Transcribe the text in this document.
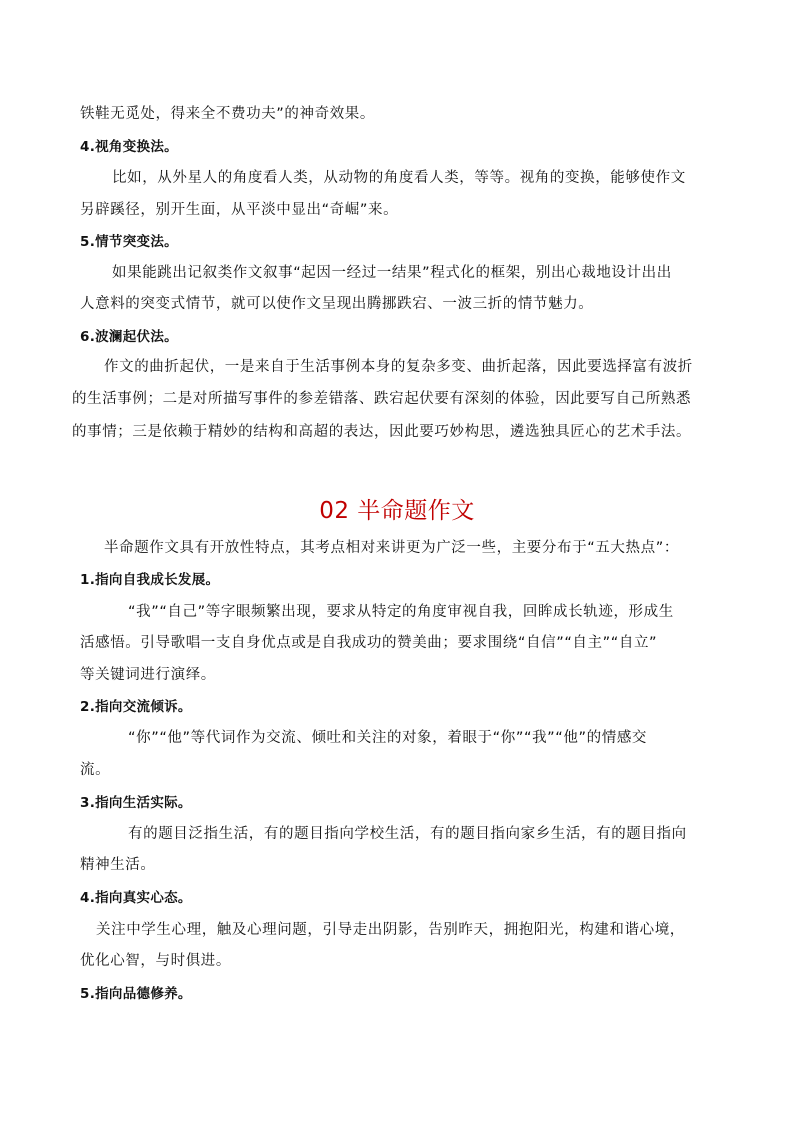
02 半命题作文
铁鞋无觅处，得来全不费功夫”的神奇效果。
4.视角变换法。
比如，从外星人的角度看人类，从动物的角度看人类，等等。视角的变换，能够使作文
另辟蹊径，别开生面，从平淡中显出“奇崛”来。
5.情节突变法。
如果能跳出记叙类作文叙事“起因一经过一结果”程式化的框架，别出心裁地设计出出
人意料的突变式情节，就可以使作文呈现出腾挪跌宕、一波三折的情节魅力。
6.波澜起伏法。
作文的曲折起伏，一是来自于生活事例本身的复杂多变、曲折起落，因此要选择富有波折
的生活事例；二是对所描写事件的参差错落、跌宕起伏要有深刻的体验，因此要写自己所熟悉
的事情；三是依赖于精妙的结构和高超的表达，因此要巧妙构思，遴选独具匠心的艺术手法。
半命题作文具有开放性特点，其考点相对来讲更为广泛一些，主要分布于“五大热点”：
1.指向自我成长发展。
“我”“自己”等字眼频繁出现，要求从特定的角度审视自我，回眸成长轨迹，形成生
活感悟。引导歌唱一支自身优点或是自我成功的赞美曲；要求围绕“自信”“自主”“自立”
等关键词进行演绎。
2.指向交流倾诉。
“你”“他”等代词作为交流、倾吐和关注的对象，着眼于“你”“我”“他”的情感交
流。
3.指向生活实际。
有的题目泛指生活，有的题目指向学校生活，有的题目指向家乡生活，有的题目指向
精神生活。
4.指向真实心态。
关注中学生心理，触及心理问题，引导走出阴影，告别昨天，拥抱阳光，构建和谐心境，
优化心智，与时俱进。
5.指向品德修养。
